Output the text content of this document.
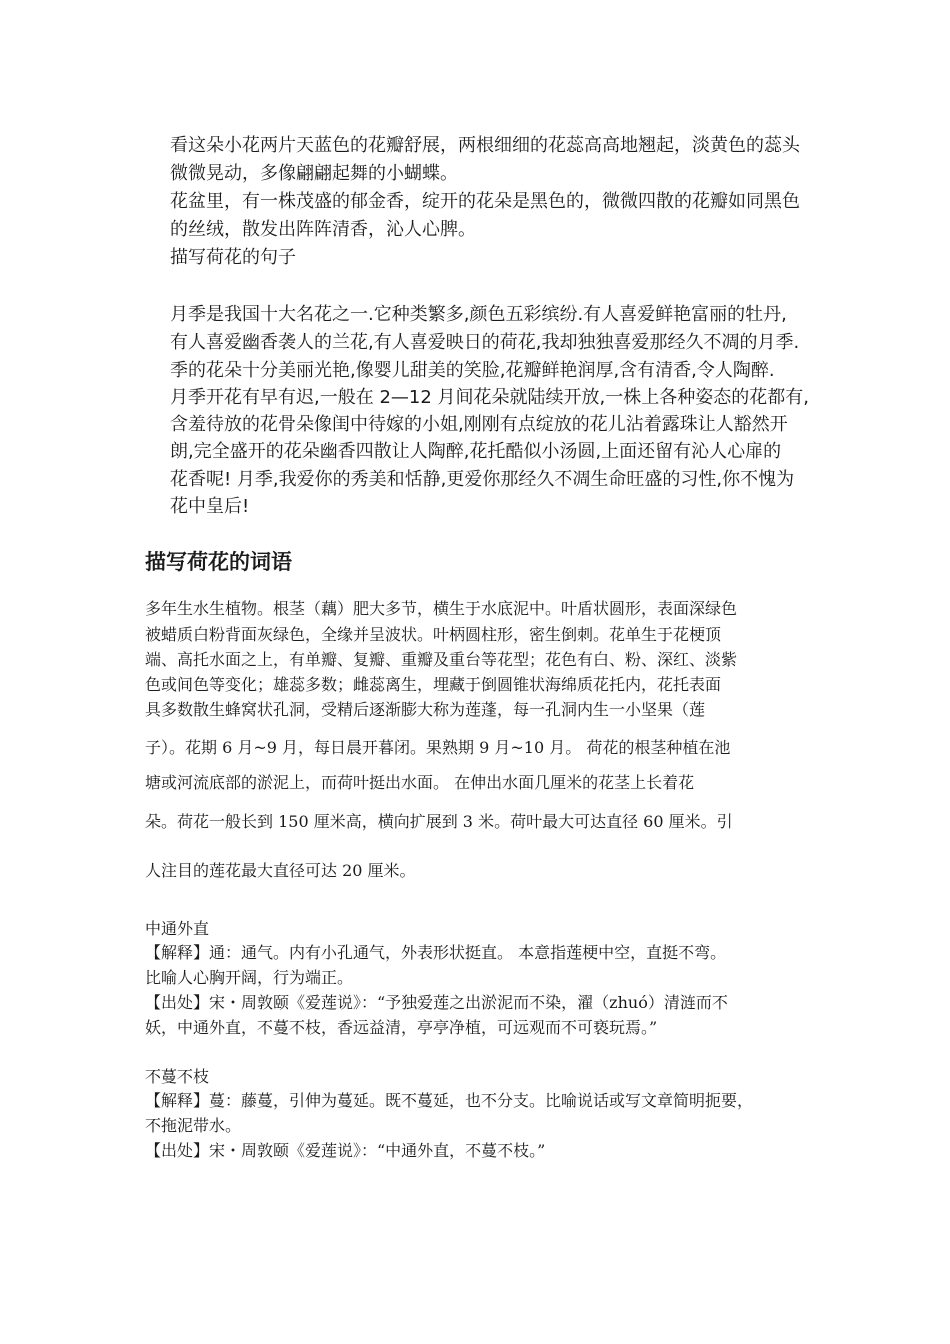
看这朵小花两片天蓝色的花瓣舒展，两根细细的花蕊高高地翘起，淡黄色的蕊头
微微晃动，多像翩翩起舞的小蝴蝶。
花盆里，有一株茂盛的郁金香，绽开的花朵是黑色的，微微四散的花瓣如同黑色
的丝绒，散发出阵阵清香，沁人心脾。
描写荷花的句子
月季是我国十大名花之一.它种类繁多,颜色五彩缤纷.有人喜爱鲜艳富丽的牡丹,
有人喜爱幽香袭人的兰花,有人喜爱映日的荷花,我却独独喜爱那经久不凋的月季.
季的花朵十分美丽光艳,像婴儿甜美的笑脸,花瓣鲜艳润厚,含有清香,令人陶醉.
月季开花有早有迟,一般在 2—12 月间花朵就陆续开放,一株上各种姿态的花都有,
含羞待放的花骨朵像闺中待嫁的小姐,刚刚有点绽放的花儿沾着露珠让人豁然开
朗,完全盛开的花朵幽香四散让人陶醉,花托酷似小汤圆,上面还留有沁人心扉的
花香呢! 月季,我爱你的秀美和恬静,更爱你那经久不凋生命旺盛的习性,你不愧为
花中皇后!
描写荷花的词语
多年生水生植物。根茎（藕）肥大多节，横生于水底泥中。叶盾状圆形，表面深绿色
被蜡质白粉背面灰绿色，全缘并呈波状。叶柄圆柱形，密生倒刺。花单生于花梗顶
端、高托水面之上，有单瓣、复瓣、重瓣及重台等花型；花色有白、粉、深红、淡紫
色或间色等变化；雄蕊多数；雌蕊离生，埋藏于倒圆锥状海绵质花托内，花托表面
具多数散生蜂窝状孔洞，受精后逐渐膨大称为莲蓬，每一孔洞内生一小坚果（莲
子）。花期 6 月~9 月，每日晨开暮闭。果熟期 9 月~10 月。 荷花的根茎种植在池
塘或河流底部的淤泥上，而荷叶挺出水面。 在伸出水面几厘米的花茎上长着花
朵。荷花一般长到 150 厘米高，横向扩展到 3 米。荷叶最大可达直径 60 厘米。引
人注目的莲花最大直径可达 20 厘米。
中通外直
【解释】通：通气。内有小孔通气，外表形状挺直。 本意指莲梗中空，直挺不弯。
比喻人心胸开阔，行为端正。
【出处】宋・周敦颐《爱莲说》：“予独爱莲之出淤泥而不染，濯（zhuó）清涟而不
妖，中通外直，不蔓不枝，香远益清，亭亭净植，可远观而不可亵玩焉。”
不蔓不枝
【解释】蔓：藤蔓，引伸为蔓延。既不蔓延，也不分支。比喻说话或写文章简明扼要，
不拖泥带水。
【出处】宋・周敦颐《爱莲说》：“中通外直，不蔓不枝。”
